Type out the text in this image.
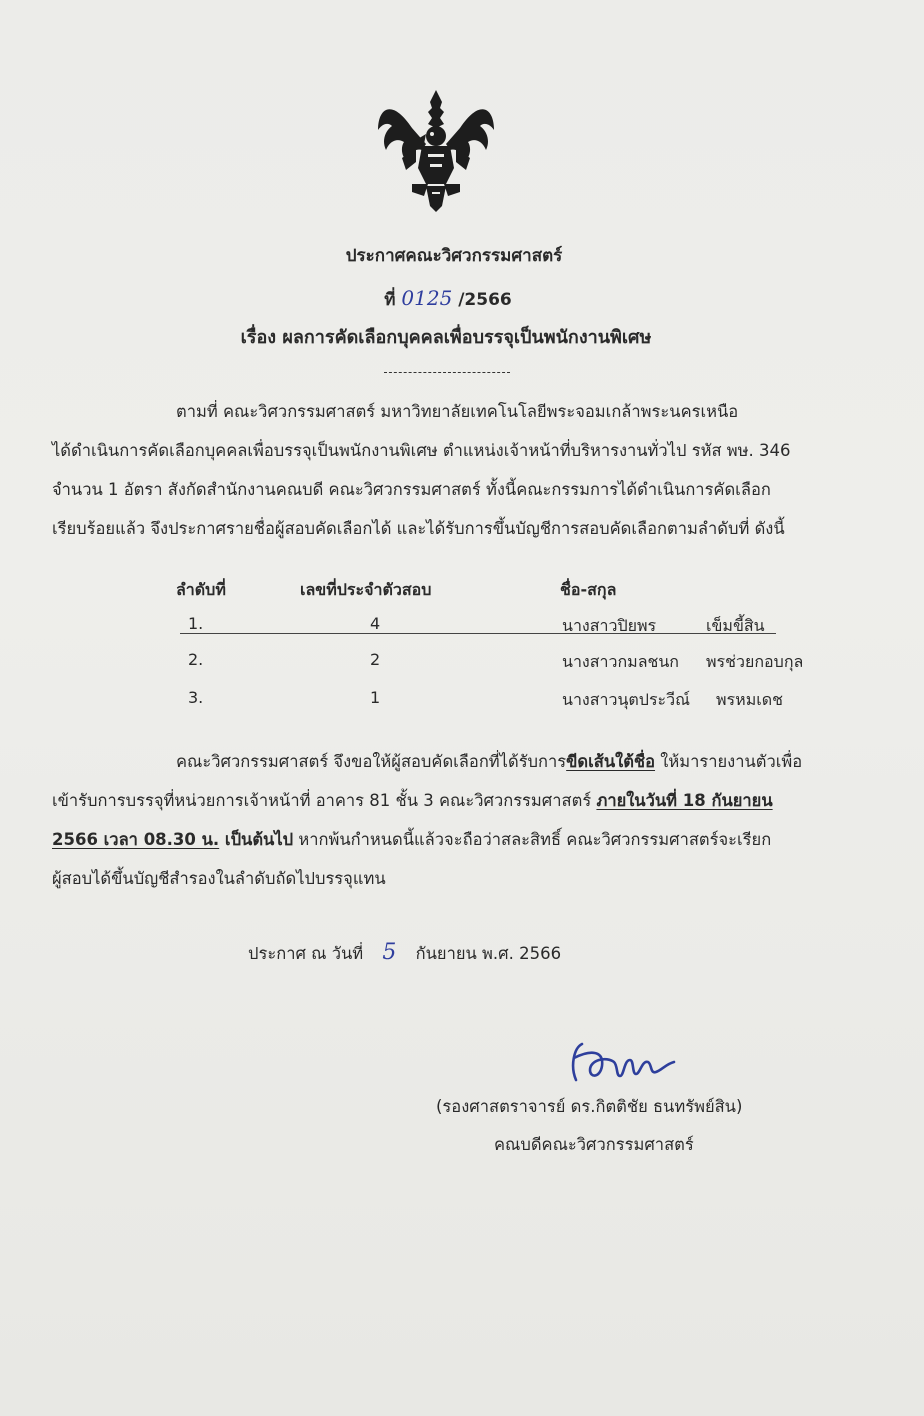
ประกาศคณะวิศวกรรมศาสตร์
ที่ 0125 /2566
เรื่อง ผลการคัดเลือกบุคคลเพื่อบรรจุเป็นพนักงานพิเศษ
ตามที่ คณะวิศวกรรมศาสตร์ มหาวิทยาลัยเทคโนโลยีพระจอมเกล้าพระนครเหนือ
ได้ดำเนินการคัดเลือกบุคคลเพื่อบรรจุเป็นพนักงานพิเศษ ตำแหน่งเจ้าหน้าที่บริหารงานทั่วไป รหัส พษ. 346
จำนวน 1 อัตรา สังกัดสำนักงานคณบดี คณะวิศวกรรมศาสตร์ ทั้งนี้คณะกรรมการได้ดำเนินการคัดเลือก
เรียบร้อยแล้ว จึงประกาศรายชื่อผู้สอบคัดเลือกได้ และได้รับการขึ้นบัญชีการสอบคัดเลือกตามลำดับที่ ดังนี้
ลำดับที่	เลขที่ประจำตัวสอบ	ชื่อ-สกุล
1.	4	นางสาวปิยพร	เข็มขี้สิน
2.	2	นางสาวกมลชนก พรช่วยกอบกุล
3.	1	นางสาวนุตประวีณ์ พรหมเดช
คณะวิศวกรรมศาสตร์ จึงขอให้ผู้สอบคัดเลือกที่ได้รับการขีดเส้นใต้ชื่อ ให้มารายงานตัวเพื่อ
เข้ารับการบรรจุที่หน่วยการเจ้าหน้าที่ อาคาร 81 ชั้น 3 คณะวิศวกรรมศาสตร์ ภายในวันที่ 18 กันยายน
2566 เวลา 08.30 น. เป็นต้นไป หากพ้นกำหนดนี้แล้วจะถือว่าสละสิทธิ์ คณะวิศวกรรมศาสตร์จะเรียก
ผู้สอบได้ขึ้นบัญชีสำรองในลำดับถัดไปบรรจุแทน
ประกาศ ณ วันที่ 5 กันยายน พ.ศ. 2566
(รองศาสตราจารย์ ดร.กิตติชัย ธนทรัพย์สิน)
คณบดีคณะวิศวกรรมศาสตร์
